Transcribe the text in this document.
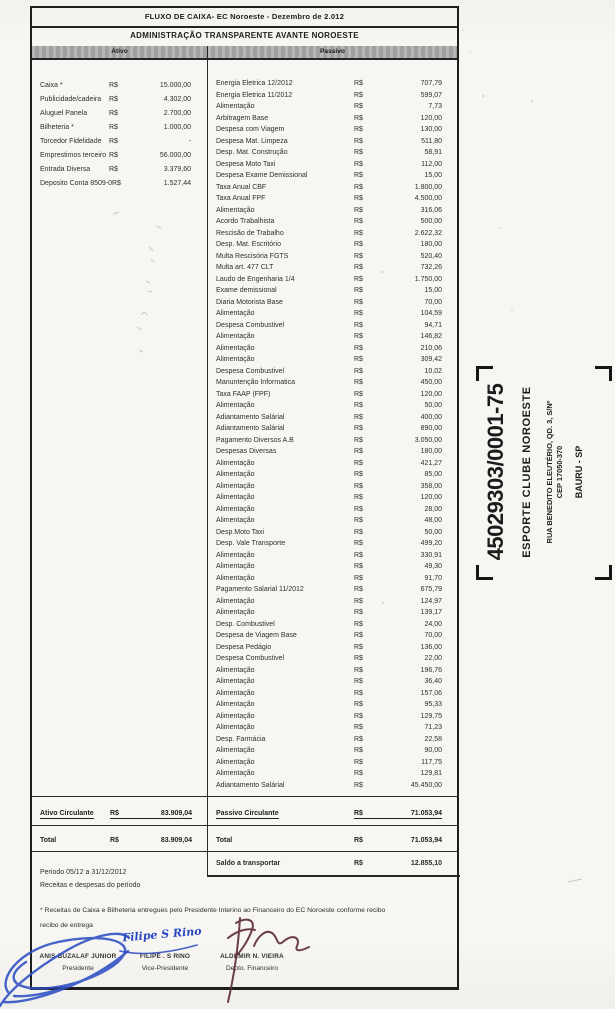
FLUXO DE CAIXA- EC Noroeste - Dezembro de 2.012
ADMINISTRAÇÃO TRANSPARENTE AVANTE NOROESTE
Ativo	Passivo
Caixa *	R$	15.000,00
Publicidade/cadeira	R$	4.302,00
Aluguel Panela	R$	2.700,00
Bilheteria *	R$	1.000,00
Torcedor Fidelidade	R$	-
Emprestimos terceiro R$	56.000,00
Entrada Diversa	R$	3.379,60
Deposito Conta 8509-0 R$	1.527,44
Energia Eletrica 12/2012	R$	707,79
Energia Eletrica 11/2012	R$	599,07
Alimentação	R$	7,73
Arbitragem Base	R$	120,00
Despesa com Viagem	R$	130,00
Despesa Mat. Limpeza	R$	511,80
Desp. Mat. Construção	R$	58,91
Despesa Moto Taxi	R$	112,00
Despesa Exame Demissional	R$	15,00
Taxa Anual CBF	R$	1.800,00
Taxa Anual FPF	R$	4.500,00
Alimentação	R$	316,06
Acordo Trabalhista	R$	500,00
Rescisão de Trabalho	R$	2.622,32
Desp. Mat. Escritório	R$	180,00
Multa Rescisória FGTS	R$	520,40
Multa art. 477 CLT	R$	732,26
Laudo de Engenharia 1/4	R$	1.750,00
Exame demissional	R$	15,00
Diaria Motorista Base	R$	70,00
Alimentação	R$	104,59
Despesa Combustivel	R$	94,71
Alimentação	R$	146,82
Alimentação	R$	210,06
Alimentação	R$	309,42
Despesa Combustivel	R$	10,02
Manuntenção Informatica	R$	450,00
Taxa FAAP (FPF)	R$	120,00
Alimentação	R$	50,00
Adiantamento Salárial	R$	400,00
Adiantamento Salárial	R$	890,00
Pagamento Diversos A.B	R$	3.050,00
Despesas Diversas	R$	180,00
Alimentação	R$	421,27
Alimentação	R$	85,00
Alimentação	R$	358,00
Alimentação	R$	120,00
Alimentação	R$	28,00
Alimentação	R$	48,00
Desp.Moto Taxi	R$	50,00
Desp. Vale Transporte	R$	499,20
Alimentação	R$	330,91
Alimentação	R$	49,30
Alimentação	R$	91,70
Pagamento Salarial 11/2012	R$	675,79
Alimentação	R$	124,97
Alimentação	R$	139,17
Desp. Combustivel	R$	24,00
Despesa de Viagem Base	R$	70,00
Despesa Pedágio	R$	136,00
Despesa Combustivel	R$	22,00
Alimentação	R$	196,76
Alimentação	R$	36,40
Alimentação	R$	157,06
Alimentação	R$	95,33
Alimentação	R$	129,75
Alimentação	R$	71,23
Desp. Farmácia	R$	22,58
Alimentação	R$	90,00
Alimentação	R$	117,75
Alimentação	R$	129,81
Adiantamento Salárial	R$	45.450,00
Ativo Circulante R$	83.909,04	Passivo Circulante	R$	71.053,94
Total	R$	83.909,04	Total	R$	71.053,94
Saldo a transportar	R$	12.855,10
Periodo 05/12 a 31/12/2012
Receitas e despesas do período
* Receitas de Caixa e Bilheteria entregues pelo Presidente Interino ao Financeiro do EC Noroeste conforme recibo
recibo de entrega
ANIS BUZALAF JUNIOR
Presidente
FILIPE . S RINO
Vice-Presidente
ALDEMIR N. VIEIRA
Depto. Financeiro
45029303/0001-75 ESPORTE CLUBE NOROESTE RUA BENEDITO ELEUTÉRIO, QD. 3, S/Nº CEP 17050-370 BAURU - SP
Filipe S Rino
